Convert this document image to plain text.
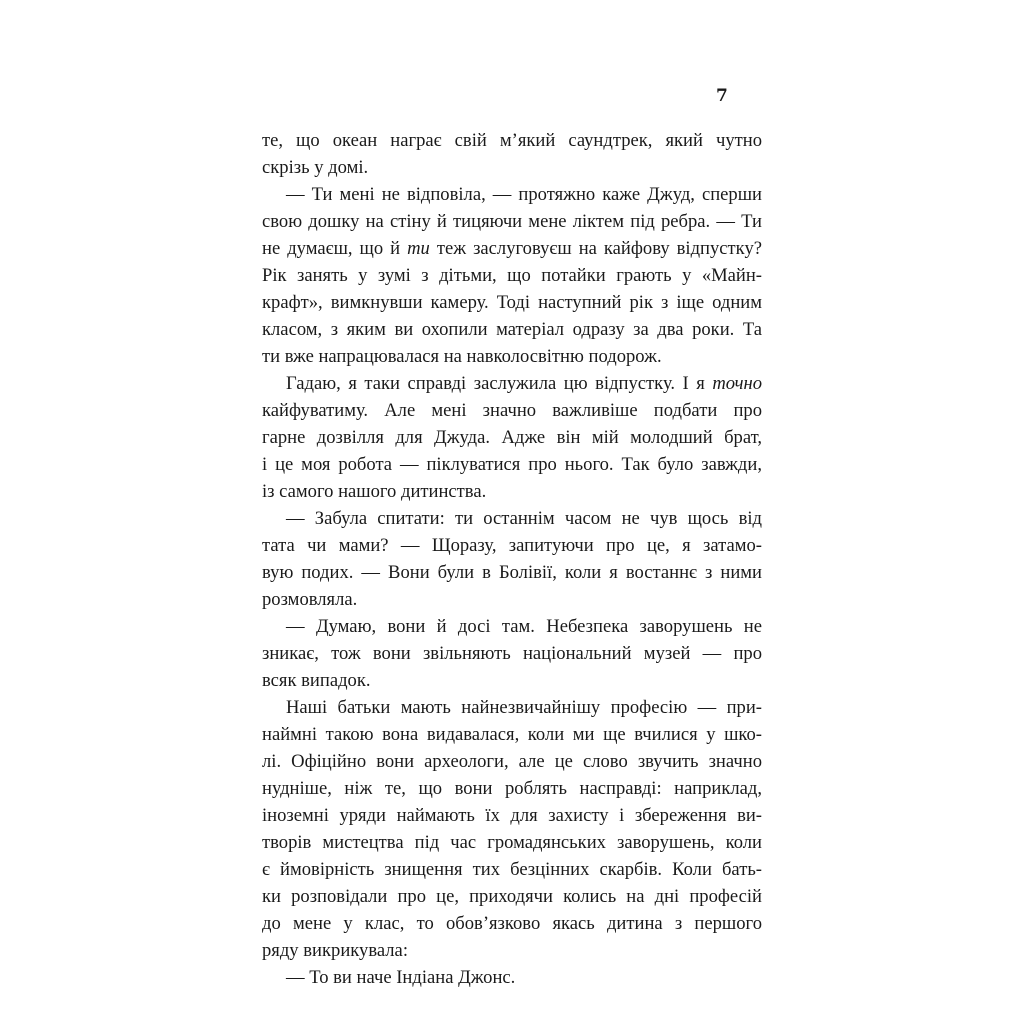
7
те, що океан награє свій м’який саундтрек, який чутно
скрізь у домі.
— Ти мені не відповіла, — протяжно каже Джуд, сперши
свою дошку на стіну й тицяючи мене ліктем під ребра. — Ти
не думаєш, що й ти теж заслуговуєш на кайфову відпустку?
Рік занять у зумі з дітьми, що потайки грають у «Майн-
крафт», вимкнувши камеру. Тоді наступний рік з іще одним
класом, з яким ви охопили матеріал одразу за два роки. Та
ти вже напрацювалася на навколосвітню подорож.
Гадаю, я таки справді заслужила цю відпустку. І я точно
кайфуватиму. Але мені значно важливіше подбати про
гарне дозвілля для Джуда. Адже він мій молодший брат,
і це моя робота — піклуватися про нього. Так було завжди,
із самого нашого дитинства.
— Забула спитати: ти останнім часом не чув щось від
тата чи мами? — Щоразу, запитуючи про це, я затамо-
вую подих. — Вони були в Болівії, коли я востаннє з ними
розмовляла.
— Думаю, вони й досі там. Небезпека заворушень не
зникає, тож вони звільняють національний музей — про
всяк випадок.
Наші батьки мають найнезвичайнішу професію — при-
наймні такою вона видавалася, коли ми ще вчилися у шко-
лі. Офіційно вони археологи, але це слово звучить значно
нудніше, ніж те, що вони роблять насправді: наприклад,
іноземні уряди наймають їх для захисту і збереження ви-
творів мистецтва під час громадянських заворушень, коли
є ймовірність знищення тих безцінних скарбів. Коли бать-
ки розповідали про це, приходячи колись на дні професій
до мене у клас, то обов’язково якась дитина з першого
ряду викрикувала:
— То ви наче Індіана Джонс.
